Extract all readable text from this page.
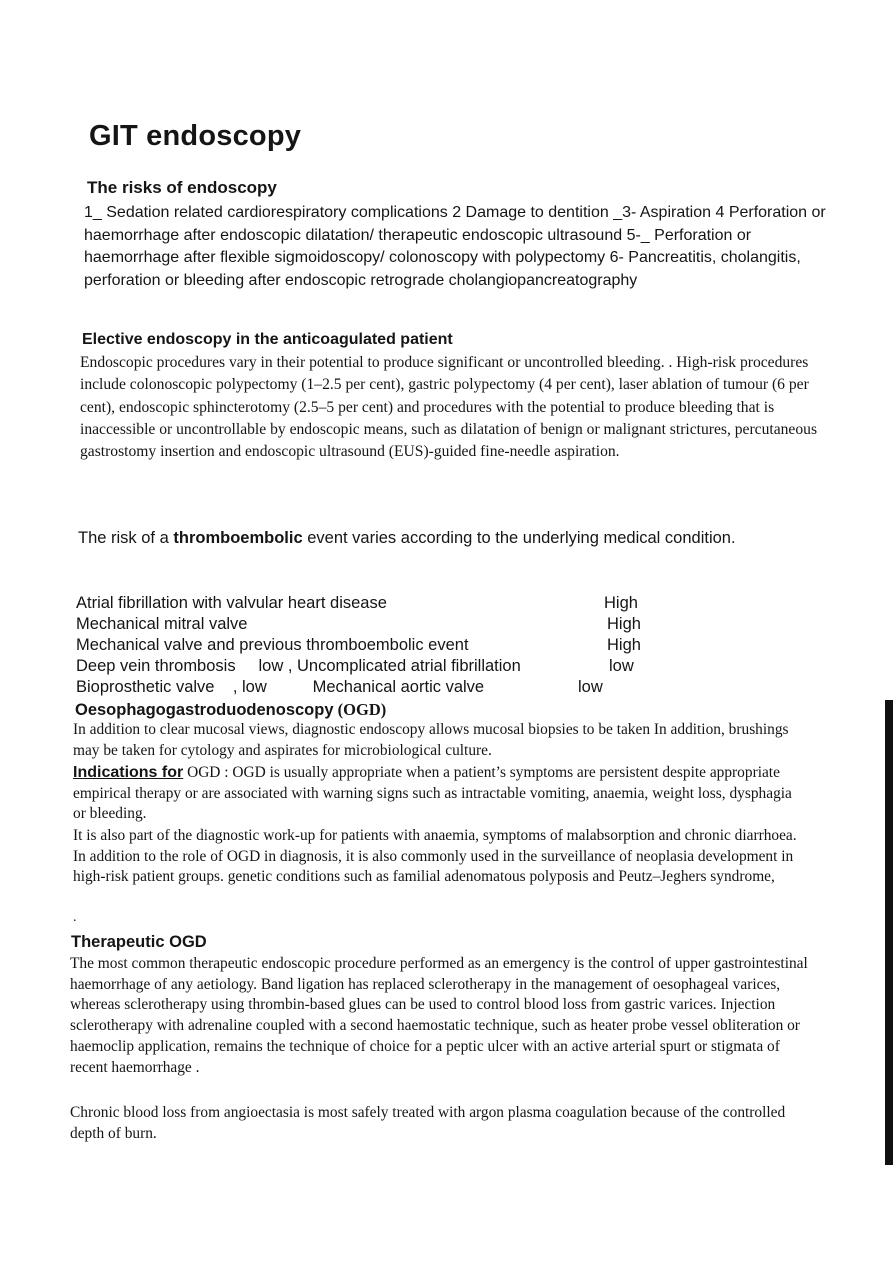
GIT endoscopy
The risks of endoscopy

1_ Sedation related cardiorespiratory complications 2 Damage to dentition _3- Aspiration 4 Perforation or haemorrhage after endoscopic dilatation/ therapeutic endoscopic ultrasound 5-_ Perforation or haemorrhage after flexible sigmoidoscopy/ colonoscopy with polypectomy 6- Pancreatitis, cholangitis, perforation or bleeding after endoscopic retrograde cholangiopancreatography

Elective endoscopy in the anticoagulated patient

Endoscopic procedures vary in their potential to produce significant or uncontrolled bleeding. . High-risk procedures include colonoscopic polypectomy (1–2.5 per cent), gastric polypectomy (4 per cent), laser ablation of tumour (6 per cent), endoscopic sphincterotomy (2.5–5 per cent) and procedures with the potential to produce bleeding that is inaccessible or uncontrollable by endoscopic means, such as dilatation of benign or malignant strictures, percutaneous gastrostomy insertion and endoscopic ultrasound (EUS)-guided fine-needle aspiration.

The risk of a thromboembolic event varies according to the underlying medical condition.

Atrial fibrillation with valvular heart disease	High
Mechanical mitral valve	High
Mechanical valve and previous thromboembolic event	High
Deep vein thrombosis     low , Uncomplicated atrial fibrillation	low
Bioprosthetic valve    , low          Mechanical aortic valve	low
Oesophagogastroduodenoscopy (OGD)

In addition to clear mucosal views, diagnostic endoscopy allows mucosal biopsies to be taken In addition, brushings may be taken for cytology and aspirates for microbiological culture.

Indications for OGD : OGD is usually appropriate when a patient’s symptoms are persistent despite appropriate empirical therapy or are associated with warning signs such as intractable vomiting, anaemia, weight loss, dysphagia or bleeding.

It is also part of the diagnostic work-up for patients with anaemia, symptoms of malabsorption and chronic diarrhoea. In addition to the role of OGD in diagnosis, it is also commonly used in the surveillance of neoplasia development in high-risk patient groups. genetic conditions such as familial adenomatous polyposis and Peutz–Jeghers syndrome,

.
Therapeutic OGD

The most common therapeutic endoscopic procedure performed as an emergency is the control of upper gastrointestinal haemorrhage of any aetiology. Band ligation has replaced sclerotherapy in the management of oesophageal varices, whereas sclerotherapy using thrombin-based glues can be used to control blood loss from gastric varices. Injection sclerotherapy with adrenaline coupled with a second haemostatic technique, such as heater probe vessel obliteration or haemoclip application, remains the technique of choice for a peptic ulcer with an active arterial spurt or stigmata of recent haemorrhage .

Chronic blood loss from angioectasia is most safely treated with argon plasma coagulation because of the controlled depth of burn.
